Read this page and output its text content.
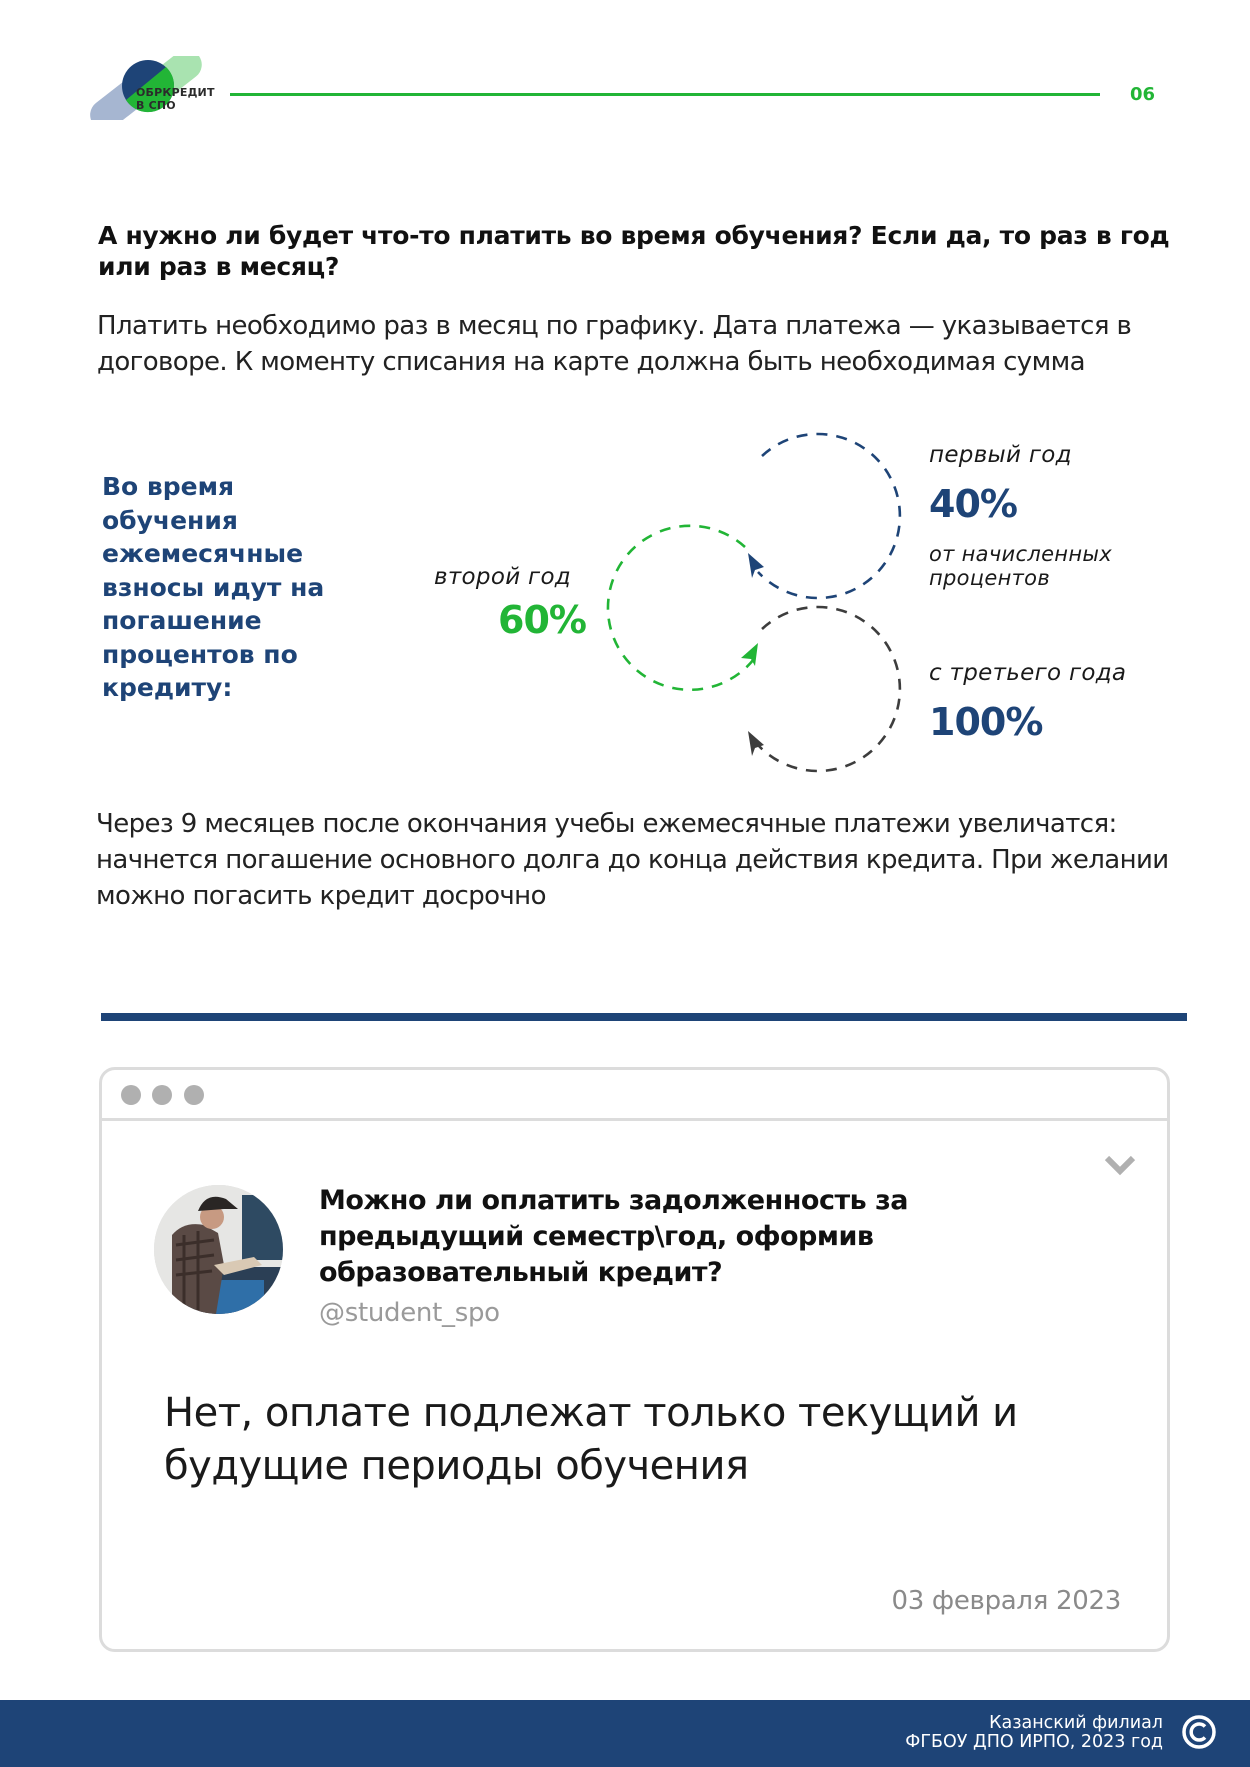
ОБРКРЕДИТ
В СПО
06
А нужно ли будет что-то платить во время обучения? Если да, то раз в год или раз в месяц?
Платить необходимо раз в месяц по графику. Дата платежа — указывается в договоре. К моменту списания на карте должна быть необходимая сумма
Во время обучения ежемесячные взносы идут на погашение процентов по кредиту:
второй год
60%
первый год
40%
от начисленных процентов
с третьего года
100%
Через 9 месяцев после окончания учебы ежемесячные платежи увеличатся: начнется погашение основного долга до конца действия кредита. При желании можно погасить кредит досрочно
Можно ли оплатить задолженность за предыдущий семестр\год, оформив образовательный кредит?
@student_spo
Нет, оплате подлежат только текущий и будущие периоды обучения
03 февраля 2023
Казанский филиал
ФГБОУ ДПО ИРПО, 2023 год
